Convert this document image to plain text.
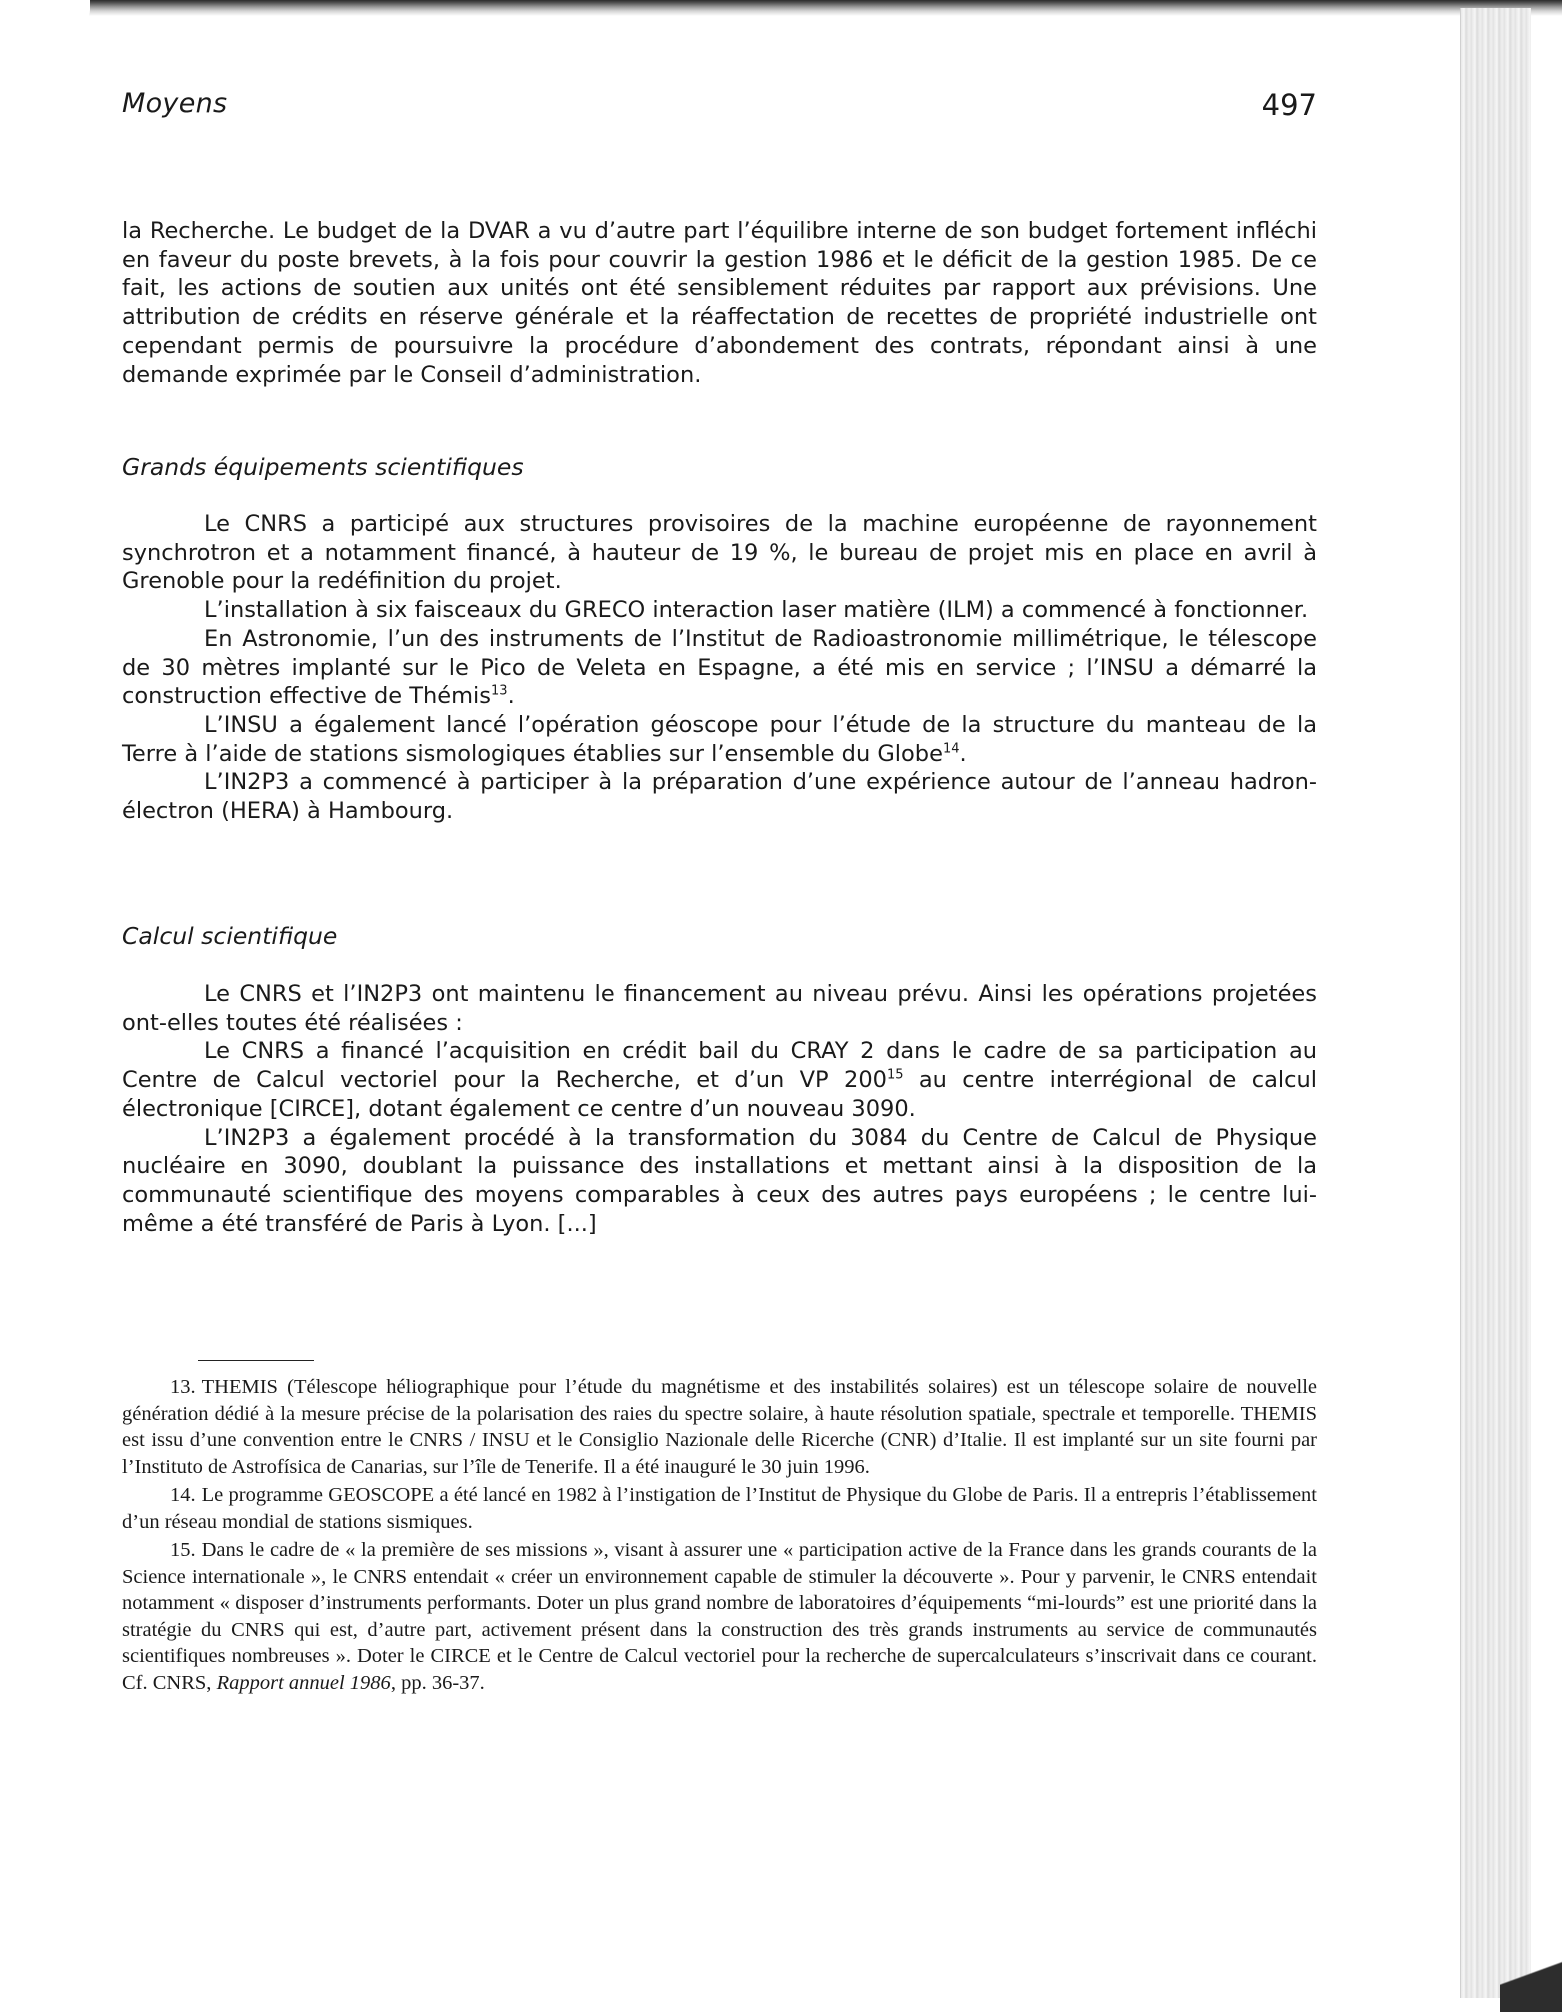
Moyens	497

la Recherche. Le budget de la DVAR a vu d’autre part l’équilibre interne de son budget fortement infléchi en faveur du poste brevets, à la fois pour couvrir la gestion 1986 et le déficit de la gestion 1985. De ce fait, les actions de soutien aux unités ont été sensiblement réduites par rapport aux prévisions. Une attribution de crédits en réserve générale et la réaffectation de recettes de propriété industrielle ont cependant permis de poursuivre la procédure d’abondement des contrats, répondant ainsi à une demande exprimée par le Conseil d’administration.

Grands équipements scientifiques

Le CNRS a participé aux structures provisoires de la machine européenne de rayonnement synchrotron et a notamment financé, à hauteur de 19 %, le bureau de projet mis en place en avril à Grenoble pour la redéfinition du projet.

L’installation à six faisceaux du GRECO interaction laser matière (ILM) a commencé à fonctionner.

En Astronomie, l’un des instruments de l’Institut de Radioastronomie millimétrique, le télescope de 30 mètres implanté sur le Pico de Veleta en Espagne, a été mis en service ; l’INSU a démarré la construction effective de Thémis$^{13}$.

L’INSU a également lancé l’opération géoscope pour l’étude de la structure du manteau de la Terre à l’aide de stations sismologiques établies sur l’ensemble du Globe$^{14}$.

L’IN2P3 a commencé à participer à la préparation d’une expérience autour de l’anneau hadron-électron (HERA) à Hambourg.

Calcul scientifique

Le CNRS et l’IN2P3 ont maintenu le financement au niveau prévu. Ainsi les opérations projetées ont-elles toutes été réalisées :

Le CNRS a financé l’acquisition en crédit bail du CRAY 2 dans le cadre de sa participation au Centre de Calcul vectoriel pour la Recherche, et d’un VP $200^{15}$ au centre interrégional de calcul électronique [CIRCE], dotant également ce centre d’un nouveau 3090.

L’IN2P3 a également procédé à la transformation du 3084 du Centre de Calcul de Physique nucléaire en 3090, doublant la puissance des installations et mettant ainsi à la disposition de la communauté scientifique des moyens comparables à ceux des autres pays européens ; le centre lui-même a été transféré de Paris à Lyon. [...]

13. THEMIS (Télescope héliographique pour l’étude du magnétisme et des instabilités solaires) est un télescope solaire de nouvelle génération dédié à la mesure précise de la polarisation des raies du spectre solaire, à haute résolution spatiale, spectrale et temporelle. THEMIS est issu d’une convention entre le CNRS / INSU et le Consiglio Nazionale delle Ricerche (CNR) d’Italie. Il est implanté sur un site fourni par l’Instituto de Astrofísica de Canarias, sur l’île de Tenerife. Il a été inauguré le 30 juin 1996.

14. Le programme GEOSCOPE a été lancé en 1982 à l’instigation de l’Institut de Physique du Globe de Paris. Il a entrepris l’établissement d’un réseau mondial de stations sismiques.

15. Dans le cadre de « la première de ses missions », visant à assurer une « participation active de la France dans les grands courants de la Science internationale », le CNRS entendait « créer un environnement capable de stimuler la découverte ». Pour y parvenir, le CNRS entendait notamment « disposer d’instruments performants. Doter un plus grand nombre de laboratoires d’équipements “mi-lourds” est une priorité dans la stratégie du CNRS qui est, d’autre part, activement présent dans la construction des très grands instruments au service de communautés scientifiques nombreuses ». Doter le CIRCE et le Centre de Calcul vectoriel pour la recherche de supercalculateurs s’inscrivait dans ce courant. Cf. CNRS, Rapport annuel 1986, pp. 36-37.
